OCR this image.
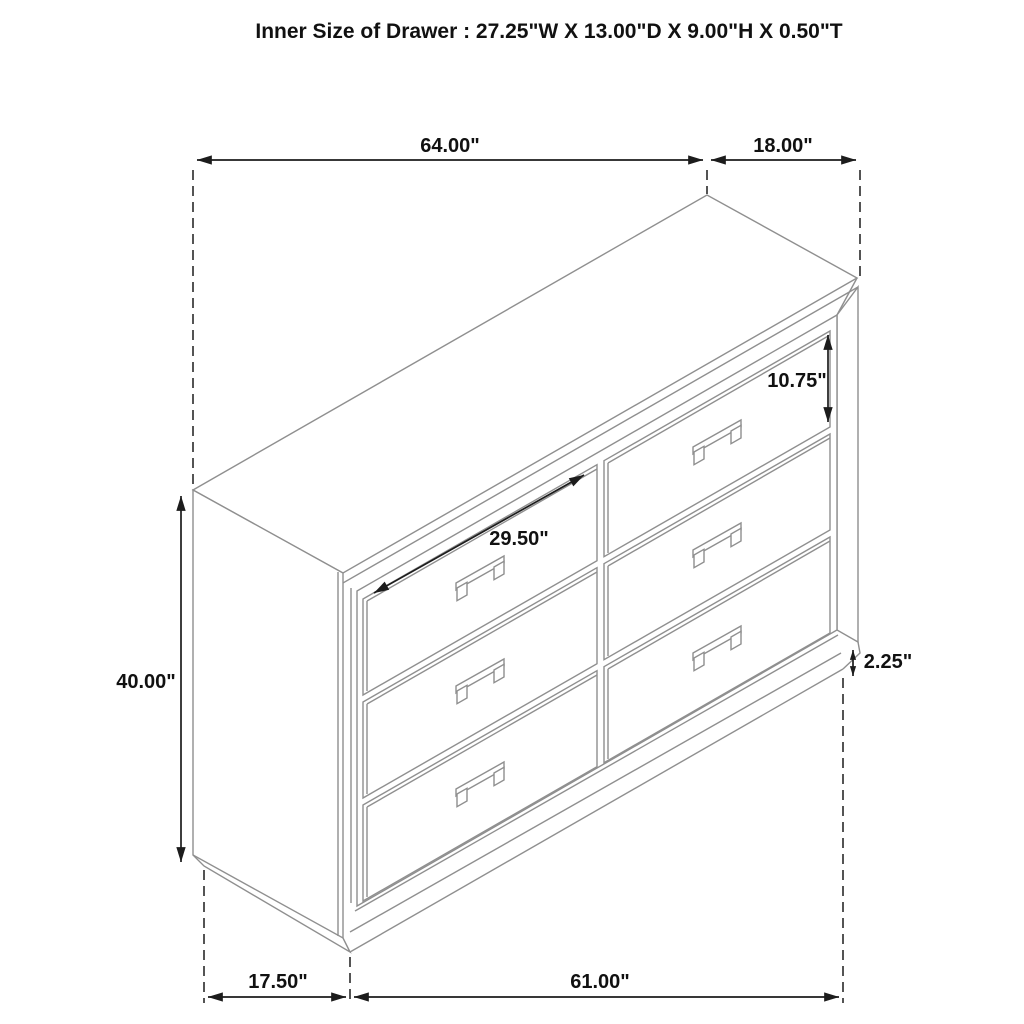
64.00"	18.00"
10.75"
29.50"
40.00"
2.25"
17.50"	61.00"
Inner Size of Drawer : 27.25"W X 13.00"D X 9.00"H X 0.50"T
